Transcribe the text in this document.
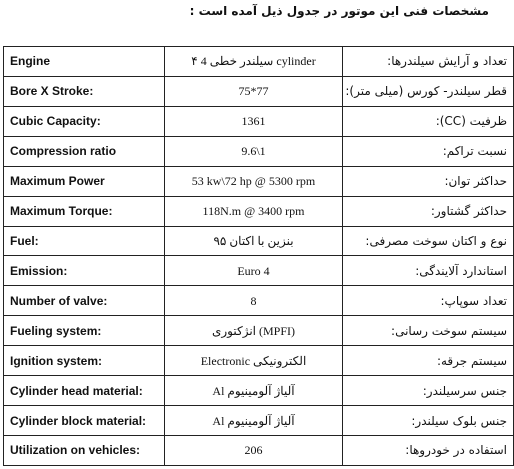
مشخصات فنی این موتور در جدول ذیل آمده است :
Engine	۴ سیلندر خطی 4 cylinder	تعداد و آرایش سیلندرها:
Bore X Stroke:	75*77	قطر سیلندر- کورس (میلی متر):
Cubic Capacity:	1361	ظرفیت (CC):
Compression ratio	9.6\1	نسبت تراکم:
Maximum Power	53 kw\72 hp @ 5300 rpm	حداکثر توان:
Maximum Torque:	118N.m @ 3400 rpm	حداکثر گشتاور:
Fuel:	بنزین با اکتان ۹۵	نوع و اکتان سوخت مصرفی:
Emission:	Euro 4	استاندارد آلایندگی:
Number of valve:	8	تعداد سوپاپ:
Fueling system:	انژکتوری (MPFI)	سیستم سوخت رسانی:
Ignition system:	Electronic الکترونیکی	سیستم جرقه:
Cylinder head material:	Al آلیاژ آلومینیوم	جنس سرسیلندر:
Cylinder block material:	Al آلیاژ آلومینیوم	جنس بلوک سیلندر:
Utilization on vehicles:	206	استفاده در خودروها:
